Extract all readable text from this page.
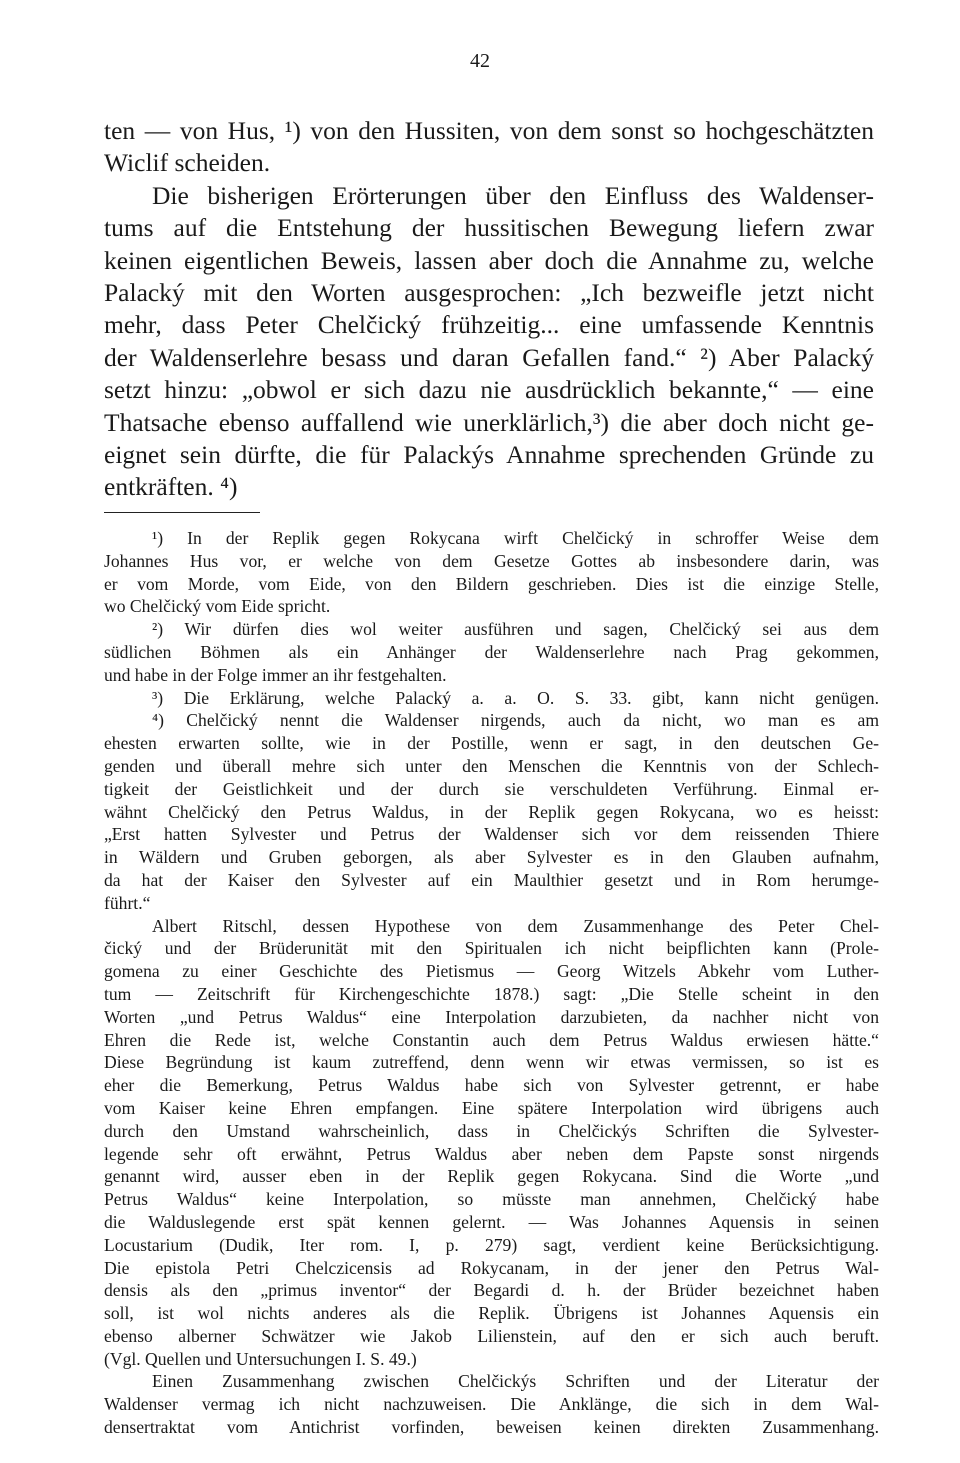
42
ten — von Hus, ¹) von den Hussiten, von dem sonst so hochgeschätzten
Wiclif scheiden.
Die bisherigen Erörterungen über den Einfluss des Waldenser-
tums auf die Entstehung der hussitischen Bewegung liefern zwar
keinen eigentlichen Beweis, lassen aber doch die Annahme zu, welche
Palacký mit den Worten ausgesprochen: „Ich bezweifle jetzt nicht
mehr, dass Peter Chelčický frühzeitig... eine umfassende Kenntnis
der Waldenserlehre besass und daran Gefallen fand.“ ²) Aber Palacký
setzt hinzu: „obwol er sich dazu nie ausdrücklich bekannte,“ — eine
Thatsache ebenso auffallend wie unerklärlich,³) die aber doch nicht ge-
eignet sein dürfte, die für Palackýs Annahme sprechenden Gründe zu
entkräften. ⁴)
¹) In der Replik gegen Rokycana wirft Chelčický in schroffer Weise dem
Johannes Hus vor, er welche von dem Gesetze Gottes ab insbesondere darin, was
er vom Morde, vom Eide, von den Bildern geschrieben. Dies ist die einzige Stelle,
wo Chelčický vom Eide spricht.
²) Wir dürfen dies wol weiter ausführen und sagen, Chelčický sei aus dem
südlichen Böhmen als ein Anhänger der Waldenserlehre nach Prag gekommen,
und habe in der Folge immer an ihr festgehalten.
³) Die Erklärung, welche Palacký a. a. O. S. 33. gibt, kann nicht genügen.
⁴) Chelčický nennt die Waldenser nirgends, auch da nicht, wo man es am
ehesten erwarten sollte, wie in der Postille, wenn er sagt, in den deutschen Ge-
genden und überall mehre sich unter den Menschen die Kenntnis von der Schlech-
tigkeit der Geistlichkeit und der durch sie verschuldeten Verführung. Einmal er-
wähnt Chelčický den Petrus Waldus, in der Replik gegen Rokycana, wo es heisst:
„Erst hatten Sylvester und Petrus der Waldenser sich vor dem reissenden Thiere
in Wäldern und Gruben geborgen, als aber Sylvester es in den Glauben aufnahm,
da hat der Kaiser den Sylvester auf ein Maulthier gesetzt und in Rom herumge-
führt.“
Albert Ritschl, dessen Hypothese von dem Zusammenhange des Peter Chel-
čický und der Brüderunität mit den Spiritualen ich nicht beipflichten kann (Prole-
gomena zu einer Geschichte des Pietismus — Georg Witzels Abkehr vom Luther-
tum — Zeitschrift für Kirchengeschichte 1878.) sagt: „Die Stelle scheint in den
Worten „und Petrus Waldus“ eine Interpolation darzubieten, da nachher nicht von
Ehren die Rede ist, welche Constantin auch dem Petrus Waldus erwiesen hätte.“
Diese Begründung ist kaum zutreffend, denn wenn wir etwas vermissen, so ist es
eher die Bemerkung, Petrus Waldus habe sich von Sylvester getrennt, er habe
vom Kaiser keine Ehren empfangen. Eine spätere Interpolation wird übrigens auch
durch den Umstand wahrscheinlich, dass in Chelčickýs Schriften die Sylvester-
legende sehr oft erwähnt, Petrus Waldus aber neben dem Papste sonst nirgends
genannt wird, ausser eben in der Replik gegen Rokycana. Sind die Worte „und
Petrus Waldus“ keine Interpolation, so müsste man annehmen, Chelčický habe
die Walduslegende erst spät kennen gelernt. — Was Johannes Aquensis in seinen
Locustarium (Dudik, Iter rom. I, p. 279) sagt, verdient keine Berücksichtigung.
Die epistola Petri Chelczicensis ad Rokycanam, in der jener den Petrus Wal-
densis als den „primus inventor“ der Begardi d. h. der Brüder bezeichnet haben
soll, ist wol nichts anderes als die Replik. Übrigens ist Johannes Aquensis ein
ebenso alberner Schwätzer wie Jakob Lilienstein, auf den er sich auch beruft.
(Vgl. Quellen und Untersuchungen I. S. 49.)
Einen Zusammenhang zwischen Chelčickýs Schriften und der Literatur der
Waldenser vermag ich nicht nachzuweisen. Die Anklänge, die sich in dem Wal-
densertraktat vom Antichrist vorfinden, beweisen keinen direkten Zusammenhang.
